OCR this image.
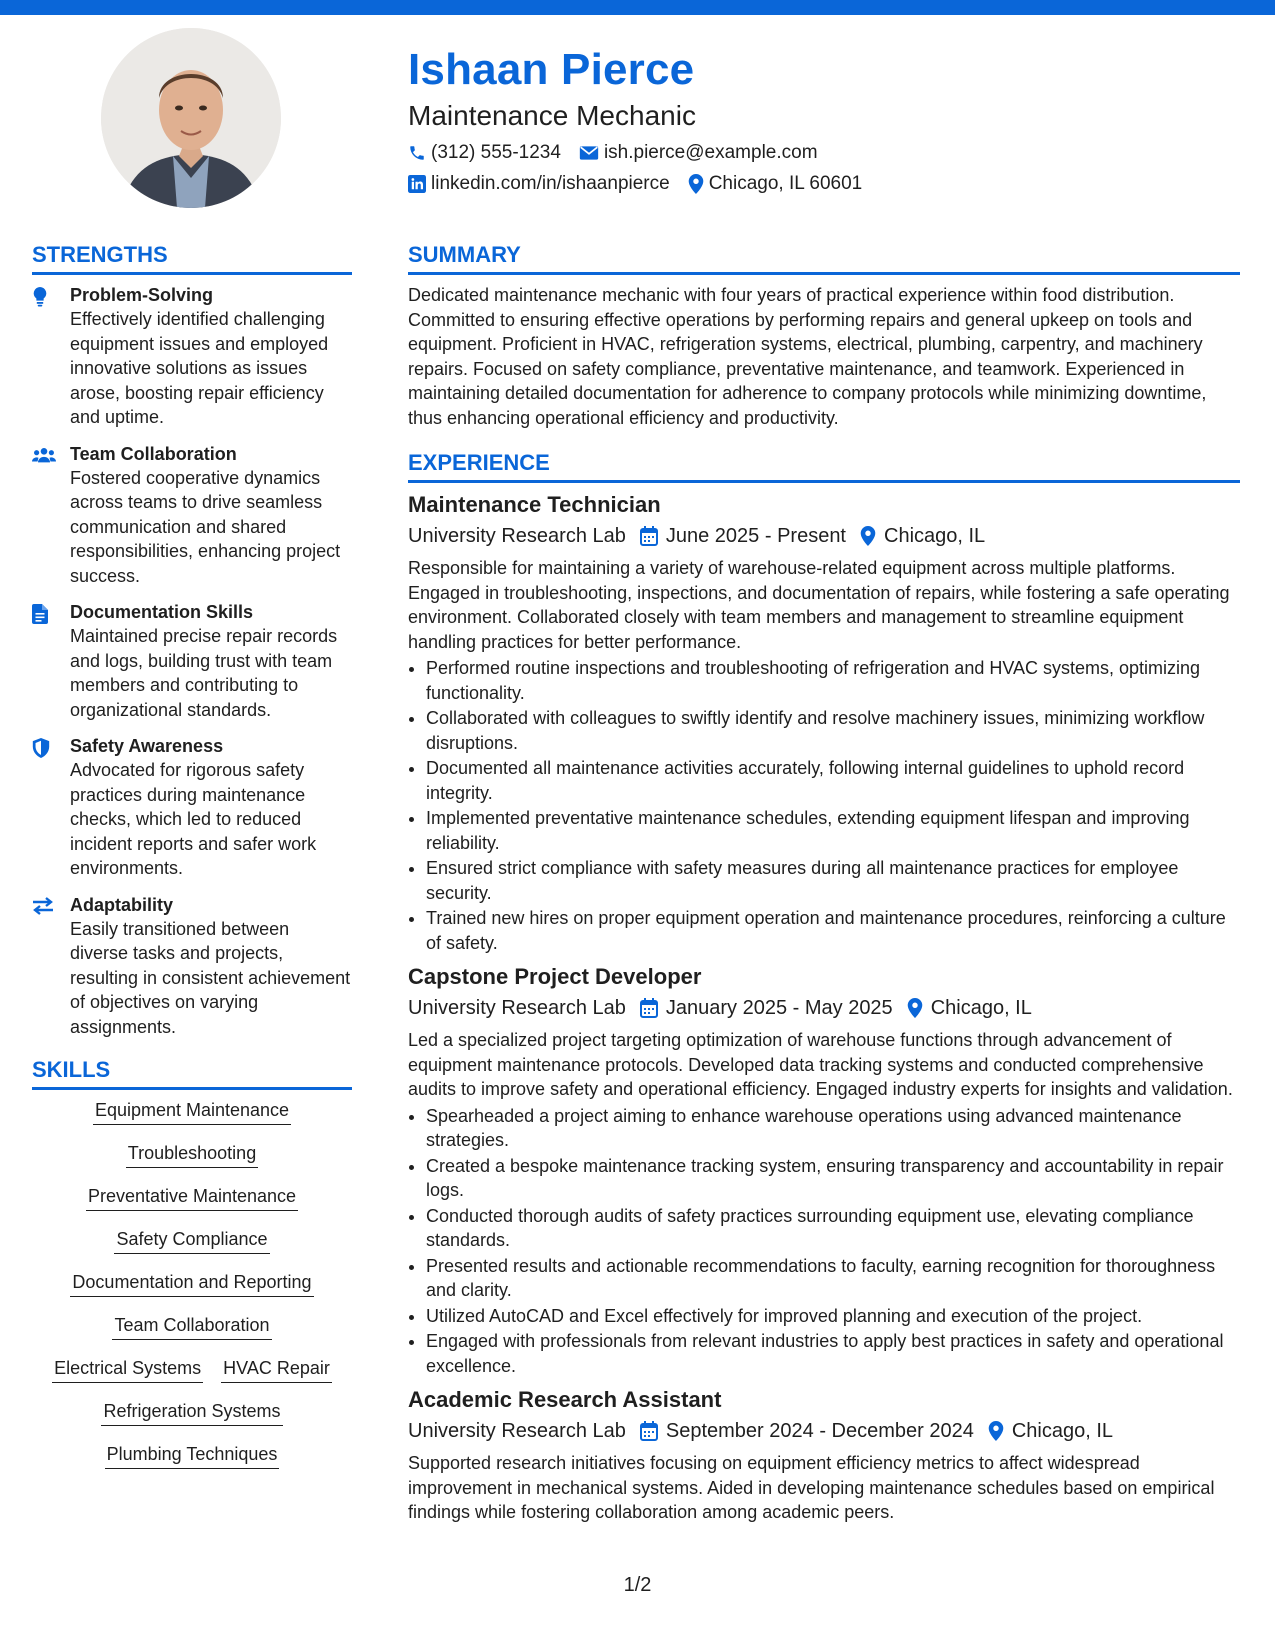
Ishaan Pierce
Maintenance Mechanic
(312) 555-1234 ish.pierce@example.com
linkedin.com/in/ishaanpierce Chicago, IL 60601
STRENGTHS
Problem-Solving
Effectively identified challenging equipment issues and employed innovative solutions as issues arose, boosting repair efficiency and uptime.
Team Collaboration
Fostered cooperative dynamics across teams to drive seamless communication and shared responsibilities, enhancing project success.
Documentation Skills
Maintained precise repair records and logs, building trust with team members and contributing to organizational standards.
Safety Awareness
Advocated for rigorous safety practices during maintenance checks, which led to reduced incident reports and safer work environments.
Adaptability
Easily transitioned between diverse tasks and projects, resulting in consistent achievement of objectives on varying assignments.
SKILLS
Equipment Maintenance
Troubleshooting
Preventative Maintenance
Safety Compliance
Documentation and Reporting
Team Collaboration
Electrical Systems HVAC Repair
Refrigeration Systems
Plumbing Techniques
SUMMARY

Dedicated maintenance mechanic with four years of practical experience within food distribution. Committed to ensuring effective operations by performing repairs and general upkeep on tools and equipment. Proficient in HVAC, refrigeration systems, electrical, plumbing, carpentry, and machinery repairs. Focused on safety compliance, preventative maintenance, and teamwork. Experienced in maintaining detailed documentation for adherence to company protocols while minimizing downtime, thus enhancing operational efficiency and productivity.

EXPERIENCE
Maintenance Technician
University Research Lab June 2025 - Present Chicago, IL

Responsible for maintaining a variety of warehouse-related equipment across multiple platforms. Engaged in troubleshooting, inspections, and documentation of repairs, while fostering a safe operating environment. Collaborated closely with team members and management to streamline equipment handling practices for better performance.

• Performed routine inspections and troubleshooting of refrigeration and HVAC systems, optimizing functionality.
• Collaborated with colleagues to swiftly identify and resolve machinery issues, minimizing workflow disruptions.
• Documented all maintenance activities accurately, following internal guidelines to uphold record integrity.
• Implemented preventative maintenance schedules, extending equipment lifespan and improving reliability.
• Ensured strict compliance with safety measures during all maintenance practices for employee security.
• Trained new hires on proper equipment operation and maintenance procedures, reinforcing a culture of safety.
Capstone Project Developer
University Research Lab January 2025 - May 2025 Chicago, IL

Led a specialized project targeting optimization of warehouse functions through advancement of equipment maintenance protocols. Developed data tracking systems and conducted comprehensive audits to improve safety and operational efficiency. Engaged industry experts for insights and validation.

• Spearheaded a project aiming to enhance warehouse operations using advanced maintenance strategies.
• Created a bespoke maintenance tracking system, ensuring transparency and accountability in repair logs.
• Conducted thorough audits of safety practices surrounding equipment use, elevating compliance standards.
• Presented results and actionable recommendations to faculty, earning recognition for thoroughness and clarity.
• Utilized AutoCAD and Excel effectively for improved planning and execution of the project.
• Engaged with professionals from relevant industries to apply best practices in safety and operational excellence.
Academic Research Assistant
University Research Lab September 2024 - December 2024 Chicago, IL

Supported research initiatives focusing on equipment efficiency metrics to affect widespread improvement in mechanical systems. Aided in developing maintenance schedules based on empirical findings while fostering collaboration among academic peers.

1/2
